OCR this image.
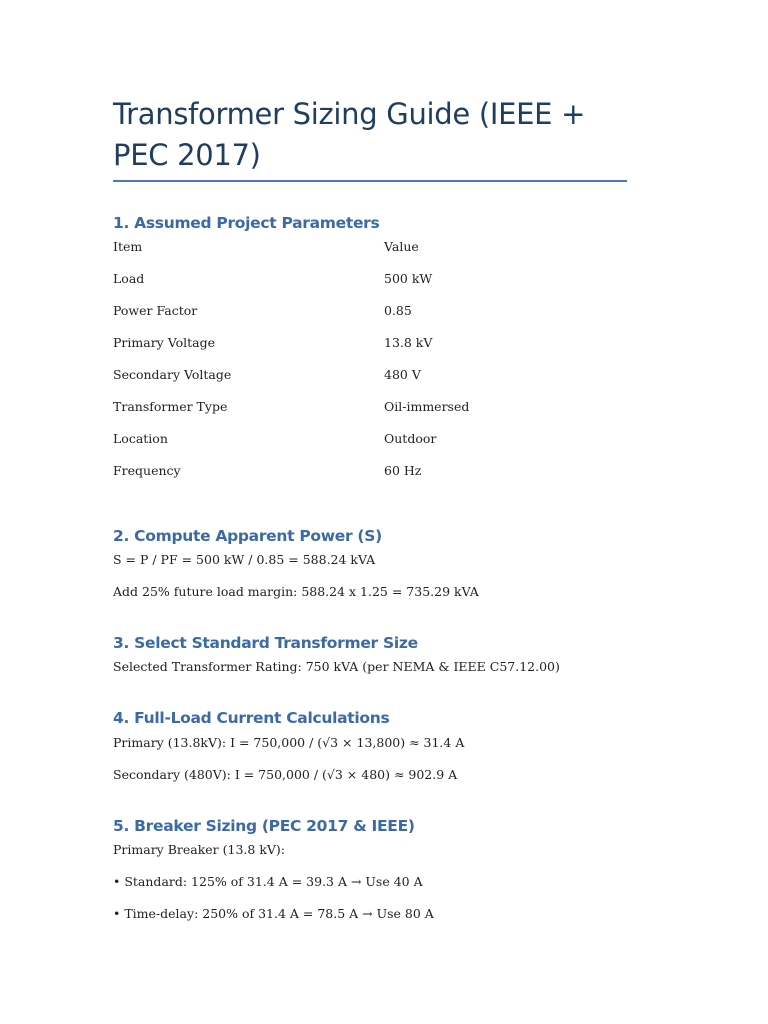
Transformer Sizing Guide (IEEE + PEC 2017)
1. Assumed Project Parameters
Item	Value
Load	500 kW
Power Factor	0.85
Primary Voltage	13.8 kV
Secondary Voltage	480 V
Transformer Type	Oil-immersed
Location	Outdoor
Frequency	60 Hz
2. Compute Apparent Power (S)

S = P / PF = 500 kW / 0.85 = 588.24 kVA

Add 25% future load margin: 588.24 x 1.25 = 735.29 kVA

3. Select Standard Transformer Size

Selected Transformer Rating: 750 kVA (per NEMA & IEEE C57.12.00)

4. Full-Load Current Calculations

Primary (13.8kV): I = 750,000 / (√3 × 13,800) ≈ 31.4 A

Secondary (480V): I = 750,000 / (√3 × 480) ≈ 902.9 A

5. Breaker Sizing (PEC 2017 & IEEE)

Primary Breaker (13.8 kV):

• Standard: 125% of 31.4 A = 39.3 A → Use 40 A

• Time-delay: 250% of 31.4 A = 78.5 A → Use 80 A
